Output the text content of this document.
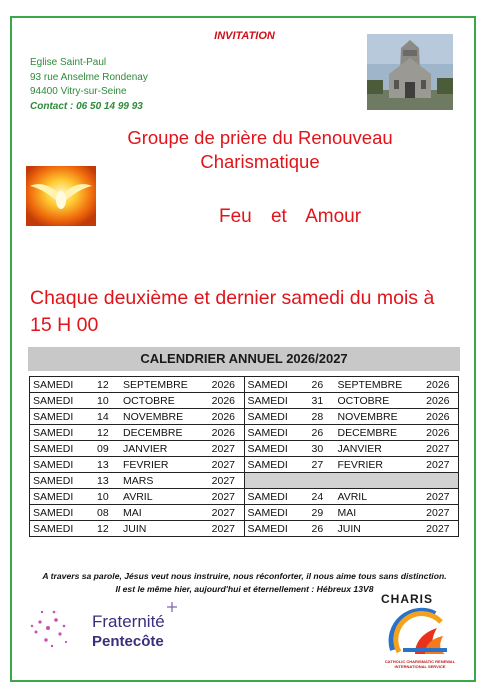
INVITATION
Eglise Saint-Paul
93 rue Anselme Rondenay
94400 Vitry-sur-Seine
Contact : 06 50 14 99 93
Groupe de prière du Renouveau
Charismatique
Feu et Amour
Chaque deuxième et dernier samedi du mois à 15 H 00
CALENDRIER ANNUEL 2026/2027
SAMEDI 12 SEPTEMBRE 2026	SAMEDI 26 SEPTEMBRE 2026

SAMEDI 10 OCTOBRE 2026	SAMEDI 31 OCTOBRE 2026

SAMEDI 14 NOVEMBRE 2026	SAMEDI 28 NOVEMBRE 2026

SAMEDI 12 DECEMBRE 2026	SAMEDI 26 DECEMBRE 2026

SAMEDI 09 JANVIER 2027	SAMEDI 30 JANVIER 2027

SAMEDI 13 FEVRIER 2027	SAMEDI 27 FEVRIER 2027

SAMEDI 13 MARS 2027	

SAMEDI 10 AVRIL 2027	SAMEDI 24 AVRIL 2027

SAMEDI 08 MAI 2027	SAMEDI 29 MAI 2027

SAMEDI 12 JUIN 2027	SAMEDI 26 JUIN 2027
A travers sa parole, Jésus veut nous instruire, nous réconforter, il nous aime tous sans distinction.
Il est le même hier, aujourd'hui et éternellement : Hébreux 13V8
Fraternité
Pentecôte
CHARIS
CATHOLIC CHARISMATIC RENEWAL INTERNATIONAL SERVICE
